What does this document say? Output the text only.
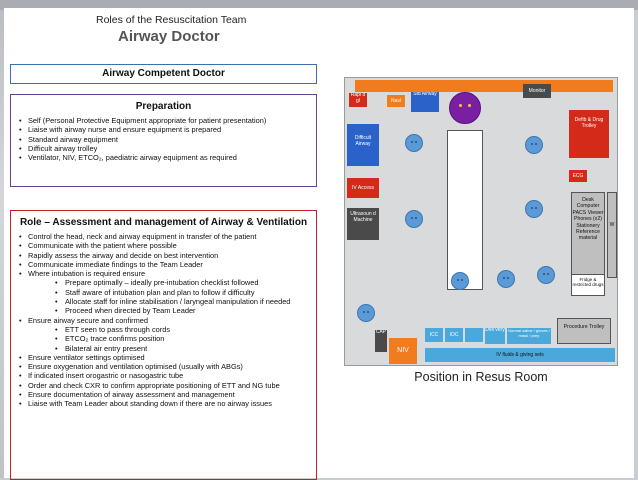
Roles of the Resuscitation Team
Airway Doctor
Airway Competent Doctor
Preparation
• Self (Personal Protective Equipment appropriate for patient presentation)
• Liaise with airway nurse and ensure equipment is prepared
• Standard airway equipment
• Difficult airway trolley
• Ventilator, NIV, ETCO₂, paediatric airway equipment as required
Role – Assessment and management of Airway & Ventilation
• Control the head, neck and airway equipment in transfer of the patient
• Communicate with the patient where possible
• Rapidly assess the airway and decide on best intervention
• Communicate immediate findings to the Team Leader
• Where intubation is required ensure
• Prepare optimally – ideally pre-intubation checklist followed
• Staff aware of intubation plan and plan to follow if difficulty
• Allocate staff for inline stabilisation / laryngeal manipulation if needed
• Proceed when directed by Team Leader
• Ensure airway secure and confirmed
• ETT seen to pass through cords
• ETCO₂ trace confirms position
• Bilateral air entry present
• Ensure ventilator settings optimised
• Ensure oxygenation and ventilation optimised (usually with ABGs)
• If indicated insert orogastric or nasogastric tube
• Order and check CXR to confirm appropriate positioning of ETT and NG tube
• Ensure documentation of airway assessment and management
• Liaise with Team Leader about standing down if there are no airway issues
Monitor
Rapi d gl	Nasl
Std Airway
Defib & Drug Trolley
ECG
Difficult Airway
IV Access
Ultrasoun d Machine
Desk Computer PACS Viewer Phones (x2) Stationery Reference material
W
Fridge & restricted drugs
Procedure Trolley
CAP
NIV
ICC	IOC
Deli very Normal saline / gloves / mask / prep
IV fluids & giving sets
Position in Resus Room
